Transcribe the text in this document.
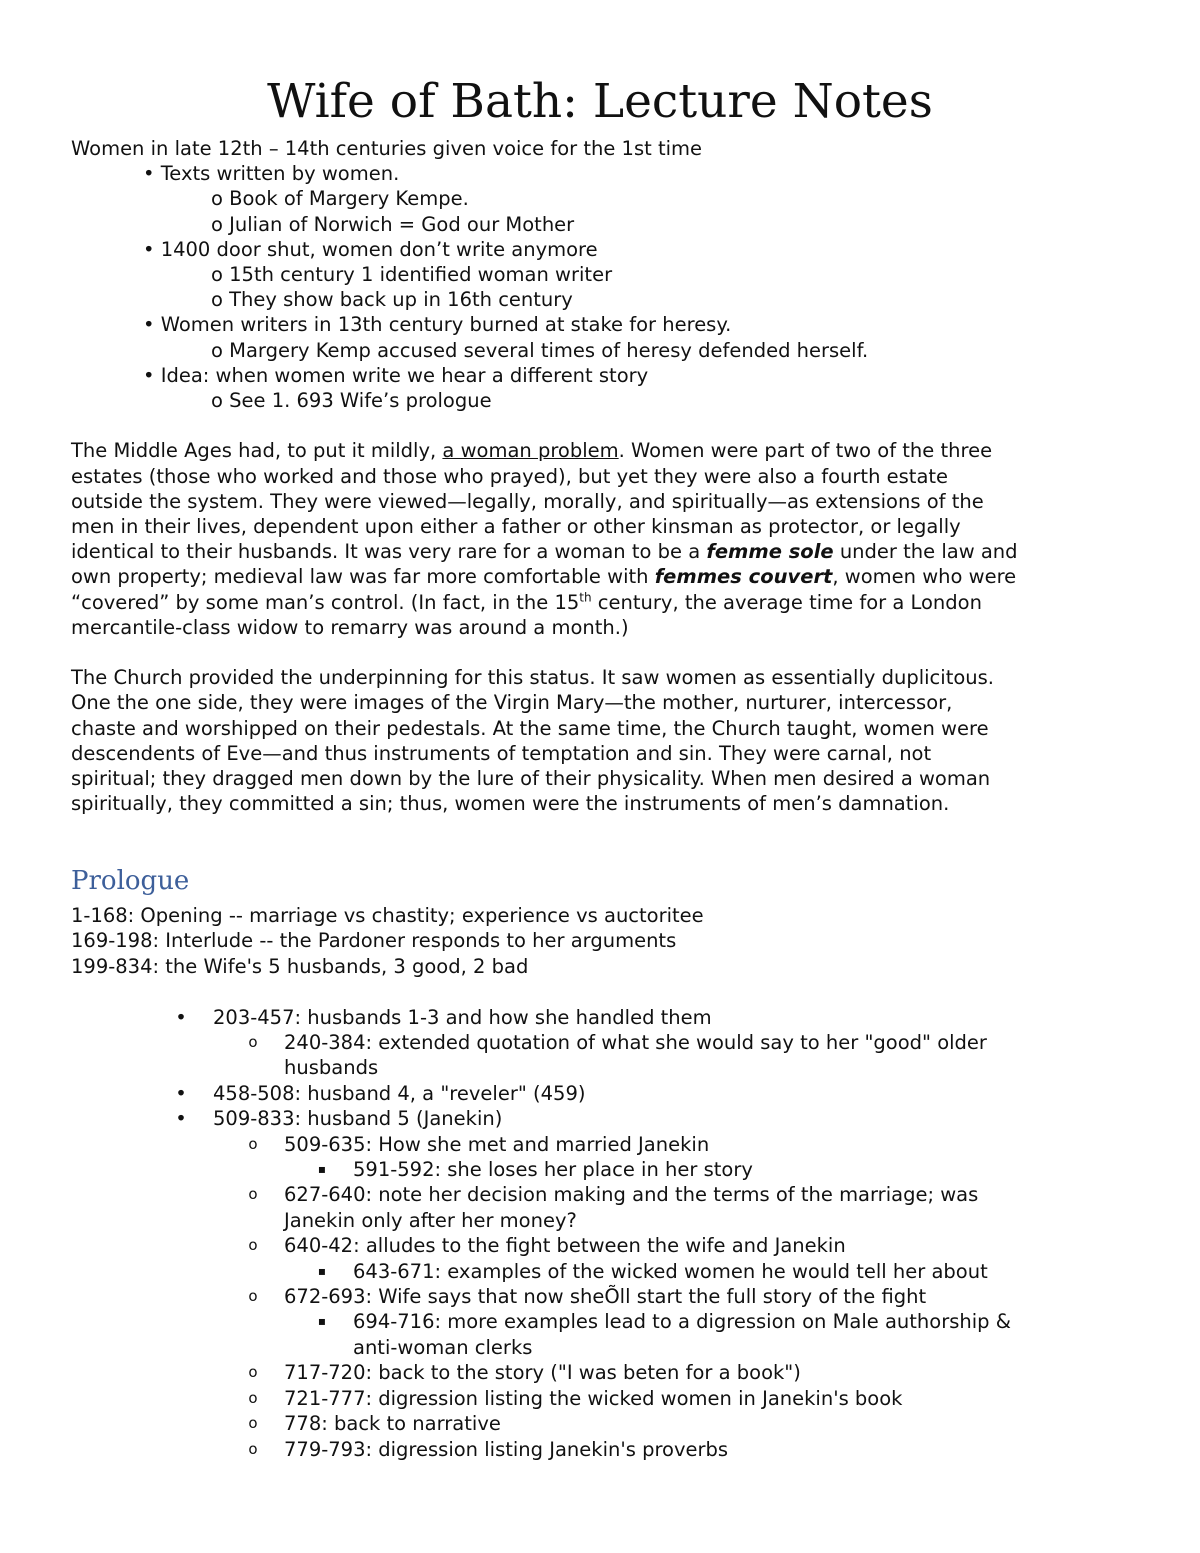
Wife of Bath: Lecture Notes
Women in late 12th – 14th centuries given voice for the 1st time
• Texts written by women.
o Book of Margery Kempe.
o Julian of Norwich = God our Mother
• 1400 door shut, women don’t write anymore
o 15th century 1 identified woman writer
o They show back up in 16th century
• Women writers in 13th century burned at stake for heresy.
o Margery Kemp accused several times of heresy defended herself.
• Idea: when women write we hear a different story
o See 1. 693 Wife’s prologue
The Middle Ages had, to put it mildly, a woman problem. Women were part of two of the three
estates (those who worked and those who prayed), but yet they were also a fourth estate
outside the system. They were viewed—legally, morally, and spiritually—as extensions of the
men in their lives, dependent upon either a father or other kinsman as protector, or legally
identical to their husbands. It was very rare for a woman to be a femme sole under the law and
own property; medieval law was far more comfortable with femmes couvert, women who were
“covered” by some man’s control. (In fact, in the 15th century, the average time for a London
mercantile-class widow to remarry was around a month.)
The Church provided the underpinning for this status. It saw women as essentially duplicitous.
One the one side, they were images of the Virgin Mary—the mother, nurturer, intercessor,
chaste and worshipped on their pedestals. At the same time, the Church taught, women were
descendents of Eve—and thus instruments of temptation and sin. They were carnal, not
spiritual; they dragged men down by the lure of their physicality. When men desired a woman
spiritually, they committed a sin; thus, women were the instruments of men’s damnation.
Prologue
1-168: Opening -- marriage vs chastity; experience vs auctoritee
169-198: Interlude -- the Pardoner responds to her arguments
199-834: the Wife's 5 husbands, 3 good, 2 bad
• 203-457: husbands 1-3 and how she handled them
o 240-384: extended quotation of what she would say to her "good" older
husbands
• 458-508: husband 4, a "reveler" (459)
• 509-833: husband 5 (Janekin)
o 509-635: How she met and married Janekin
▪	591-592: she loses her place in her story
o 627-640: note her decision making and the terms of the marriage; was
Janekin only after her money?
o 640-42: alludes to the fight between the wife and Janekin
▪	643-671: examples of the wicked women he would tell her about
o 672-693: Wife says that now sheÕll start the full story of the fight
▪	694-716: more examples lead to a digression on Male authorship &
anti-woman clerks
o 717-720: back to the story ("I was beten for a book")
o 721-777: digression listing the wicked women in Janekin's book
o 778: back to narrative
o 779-793: digression listing Janekin's proverbs
